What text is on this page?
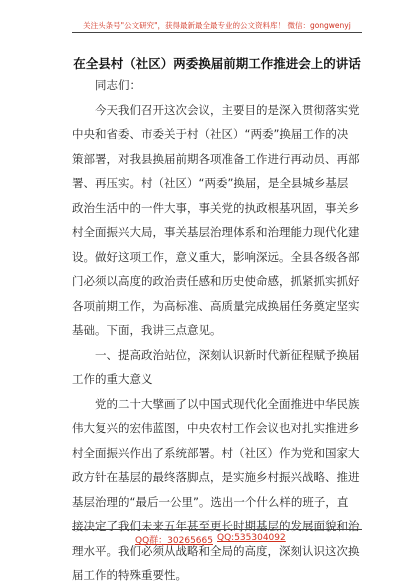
关注头条号"公文研究"，获得最新最全最专业的公文资料库！ 微信：gongwenyj
在全县村（社区）两委换届前期工作推进会上的讲话
同志们：
今天我们召开这次会议，主要目的是深入贯彻落实党
中央和省委、市委关于村（社区）“两委”换届工作的决
策部署，对我县换届前期各项准备工作进行再动员、再部
署、再压实。村（社区）“两委”换届，是全县城乡基层
政治生活中的一件大事，事关党的执政根基巩固，事关乡
村全面振兴大局，事关基层治理体系和治理能力现代化建
设。做好这项工作，意义重大，影响深远。全县各级各部
门必须以高度的政治责任感和历史使命感，抓紧抓实抓好
各项前期工作，为高标准、高质量完成换届任务奠定坚实
基础。下面，我讲三点意见。
一、提高政治站位，深刻认识新时代新征程赋予换届
工作的重大意义
党的二十大擘画了以中国式现代化全面推进中华民族
伟大复兴的宏伟蓝图，中央农村工作会议也对扎实推进乡
村全面振兴作出了系统部署。村（社区）作为党和国家大
政方针在基层的最终落脚点，是实施乡村振兴战略、推进
基层治理的“最后一公里”。选出一个什么样的班子，直
接决定了我们未来五年甚至更长时期基层的发展面貌和治
理水平。我们必须从战略和全局的高度，深刻认识这次换
届工作的特殊重要性。
QQ群：30265665 QQ:535304092
